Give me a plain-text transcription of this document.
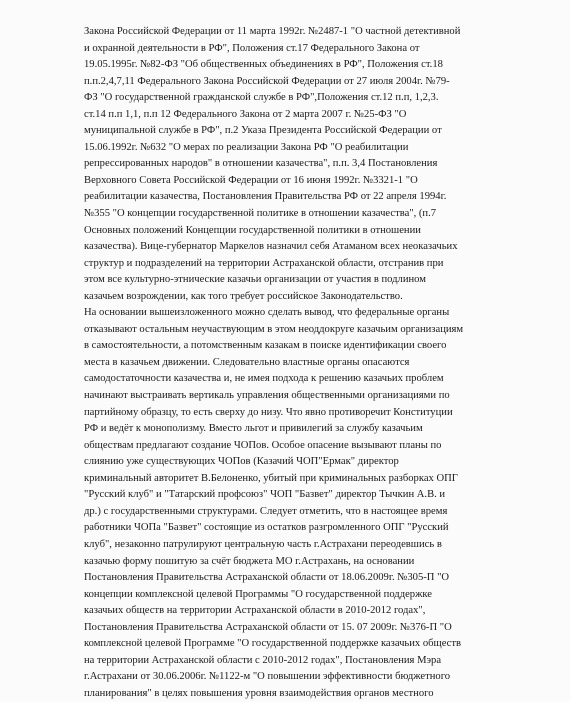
Закона Российской Федерации от 11 марта 1992г. №2487-1 "О частной детективной
и охранной деятельности в РФ", Положения ст.17 Федерального Закона от
19.05.1995г. №82-ФЗ "Об общественных объединениях в РФ", Положения ст.18
п.п.2,4,7,11 Федерального Закона Российской Федерации от 27 июля 2004г. №79-
ФЗ "О государственной гражданской службе в РФ",Положения ст.12 п.п, 1,2,3.
ст.14 п.п 1,1, п.п 12 Федерального Закона от 2 марта 2007 г. №25-ФЗ "О
муниципальной службе в РФ", п.2 Указа Президента Российской Федерации от
15.06.1992г. №632 "О мерах по реализации Закона РФ "О реабилитации
репрессированных народов" в отношении казачества", п.п. 3,4 Постановления
Верховного Совета Российской Федерации от 16 июня 1992г. №3321-1 "О
реабилитации казачества, Постановления Правительства РФ от 22 апреля 1994г.
№355 "О концепции государственной политике в отношении казачества", (п.7
Основных положений Концепции государственной политики в отношении
казачества). Вице-губернатор Маркелов назначил себя Атаманом всех неоказачьих
структур и подразделений на территории Астраханской области, отстранив при
этом все культурно-этнические казачьи организации от участия в подлином
казачьем возрождении, как того требует российское Законодательство.
На основании вышеизложенного можно сделать вывод, что федеральные органы
отказывают остальным неучаствующим в этом неоддокруге казачьим организациям
в самостоятельности, а потомственным казакам в поиске идентификации своего
места в казачьем движении. Следовательно властные органы опасаются
самодостаточности казачества и, не имея подхода к решению казачьих проблем
начинают выстраивать вертикаль управления общественными организациями по
партийному образцу, то есть сверху до низу. Что явно противоречит Конституции
РФ и ведёт к монополизму. Вместо льгот и привилегий за службу казачьим
обществам предлагают создание ЧОПов. Особое опасение вызывают планы по
слиянию уже существующих ЧОПов (Казачий ЧОП"Ермак" директор
криминальный авторитет В.Белоненко, убитый при криминальных разборках ОПГ
"Русский клуб" и "Татарский профсоюз" ЧОП "Базвет" директор Тычкин А.В. и
др.) с государственными структурами. Следует отметить, что в настоящее время
работники ЧОПа "Базвет" состоящие из остатков разгромленного ОПГ "Русский
клуб", незаконно патрулируют центральную часть г.Астрахани переодевшись в
казачью форму пошитую за счёт бюджета МО г.Астрахань, на основании
Постановления Правительства Астраханской области от 18.06.2009г. №305-П "О
концепции комплексной целевой Программы "О государственной поддержке
казачьих обществ на территории Астраханской области в 2010-2012 годах",
Постановления Правительства Астраханской области от 15. 07 2009г. №376-П "О
комплексной целевой Программе "О государственной поддержке казачьих обществ
на территории Астраханской области с 2010-2012 годах", Постановления Мэра
г.Астрахани от 30.06.2006г. №1122-м "О повышении эффективности бюджетного
планирования" в целях повышения уровня взаимодействия органов местного
